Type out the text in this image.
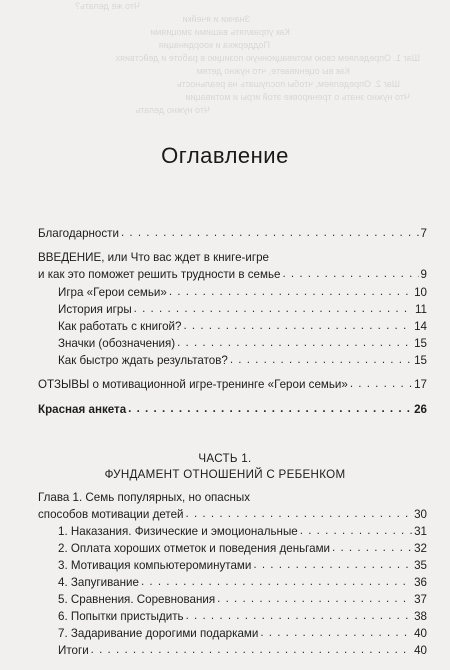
Что же делать?
Значки и ячейки
Как управлять вашими эмоциями
Поддержка и координация
Шаг 1. Определяем свою мотивационную позицию в работе и действиях
Как вы оцениваете, что нужно детям
Шаг 2. Определяем, чтобы послушать на реальность
Что нужно знать о тренировке этой игры и мотивации
Что нужно делать
Оглавление
Благодарности . . .	7
ВВЕДЕНИЕ, или Что вас ждет в книге-игре
и как это поможет решить трудности в семье . . .	9
Игра «Герои семьи» . . .	10
История игры . . .	11
Как работать с книгой? . . .	14
Значки (обозначения) . . .	15
Как быстро ждать результатов? . . .	15
ОТЗЫВЫ о мотивационной игре-тренинге «Герои семьи» . . .	17
Красная анкета . . .	26
ЧАСТЬ 1.
ФУНДАМЕНТ ОТНОШЕНИЙ С РЕБЕНКОМ
Глава 1. Семь популярных, но опасных
способов мотивации детей . . .	30
1. Наказания. Физические и эмоциональные . . .	31
2. Оплата хороших отметок и поведения деньгами . . .	32
3. Мотивация компьютероминутами . . .	35
4. Запугивание . . .	36
5. Сравнения. Соревнования . . .	37
6. Попытки пристыдить . . .	38
7. Задаривание дорогими подарками . . .	40
Итоги . . .	40
